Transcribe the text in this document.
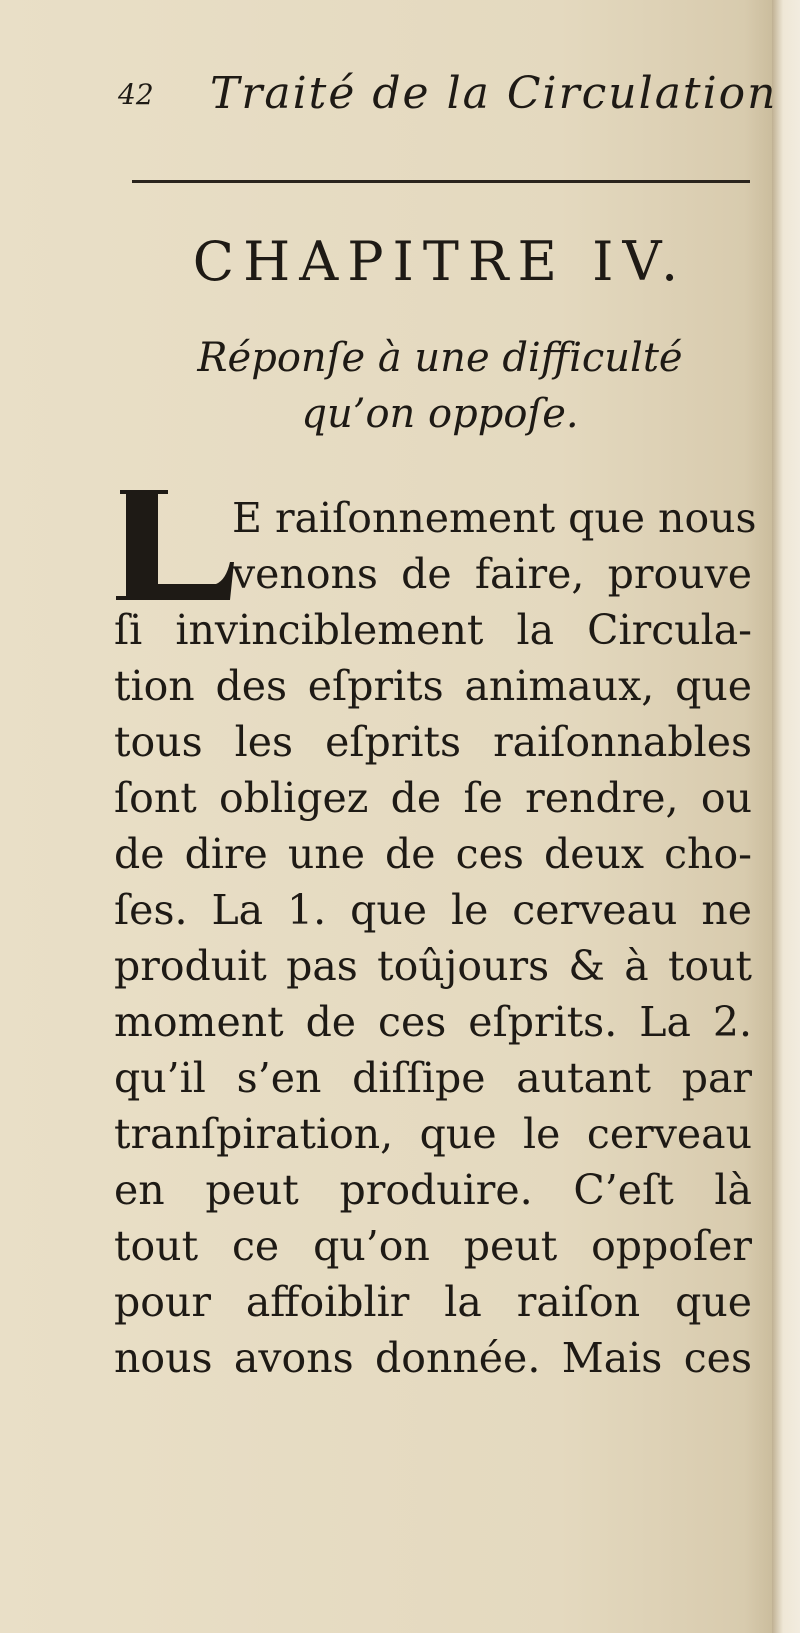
42 Traité de la Circulation
CHAPITRE IV.
Réponſe à une difficulté
qu’on oppoſe.
E raiſonnement que nous
venons de faire, prouve
ſi invinciblement la Circula-
tion des eſprits animaux, que
tous les eſprits raiſonnables
ſont obligez de ſe rendre, ou
de dire une de ces deux cho-
ſes. La 1. que le cerveau ne
produit pas toûjours & à tout
moment de ces eſprits. La 2.
qu’il s’en diſſipe autant par
tranſpiration, que le cerveau
en peut produire. C’eſt là
tout ce qu’on peut oppoſer
pour affoiblir la raiſon que
nous avons donnée. Mais ces
